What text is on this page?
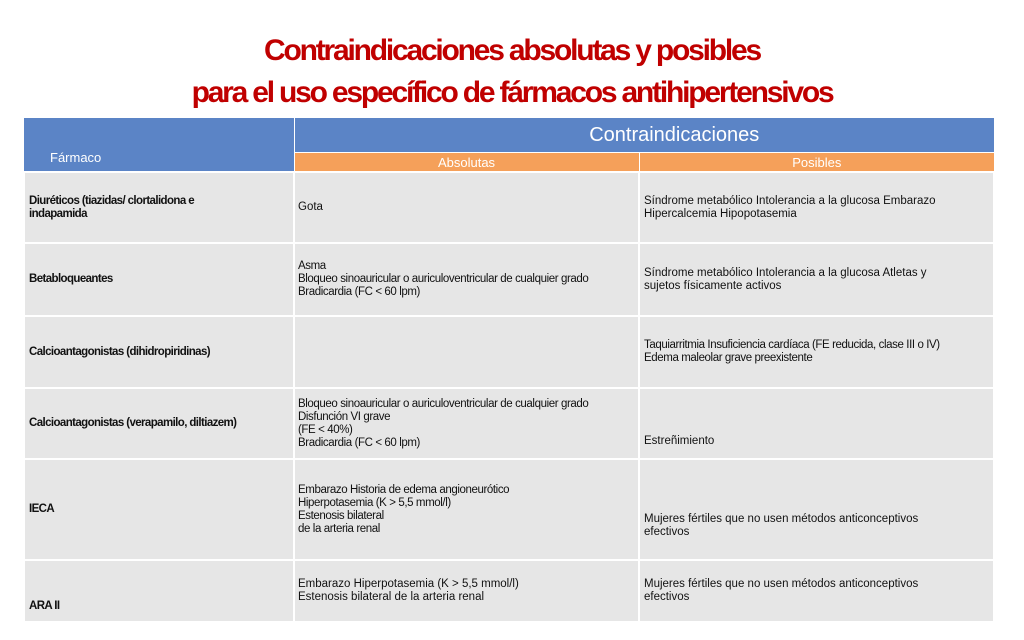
Contraindicaciones absolutas y posibles
para el uso específico de fármacos antihipertensivos
Fármaco	Contraindicaciones	
	Absolutas	Posibles

Diuréticos (tiazidas/ clortalidona e
indapamida	Gota	Síndrome metabólico Intolerancia a la glucosa Embarazo
Hipercalcemia Hipopotasemia

Betabloqueantes	Asma
Bloqueo sinoauricular o auriculoventricular de cualquier grado
Bradicardia (FC < 60 lpm)	Síndrome metabólico Intolerancia a la glucosa Atletas y
sujetos físicamente activos

Calcioantagonistas (dihidropiridinas)		Taquiarritmia Insuficiencia cardíaca (FE reducida, clase III o IV)
Edema maleolar grave preexistente

Calcioantagonistas (verapamilo, diltiazem)	Bloqueo sinoauricular o auriculoventricular de cualquier grado
Disfunción VI grave
(FE < 40%)
Bradicardia (FC < 60 lpm)	Estreñimiento

IECA	Embarazo Historia de edema angioneurótico
Hiperpotasemia (K > 5,5 mmol/l)
Estenosis bilateral
de la arteria renal	Mujeres fértiles que no usen métodos anticonceptivos
efectivos

ARA II	Embarazo Hiperpotasemia (K > 5,5 mmol/l)
Estenosis bilateral de la arteria renal	Mujeres fértiles que no usen métodos anticonceptivos
efectivos
